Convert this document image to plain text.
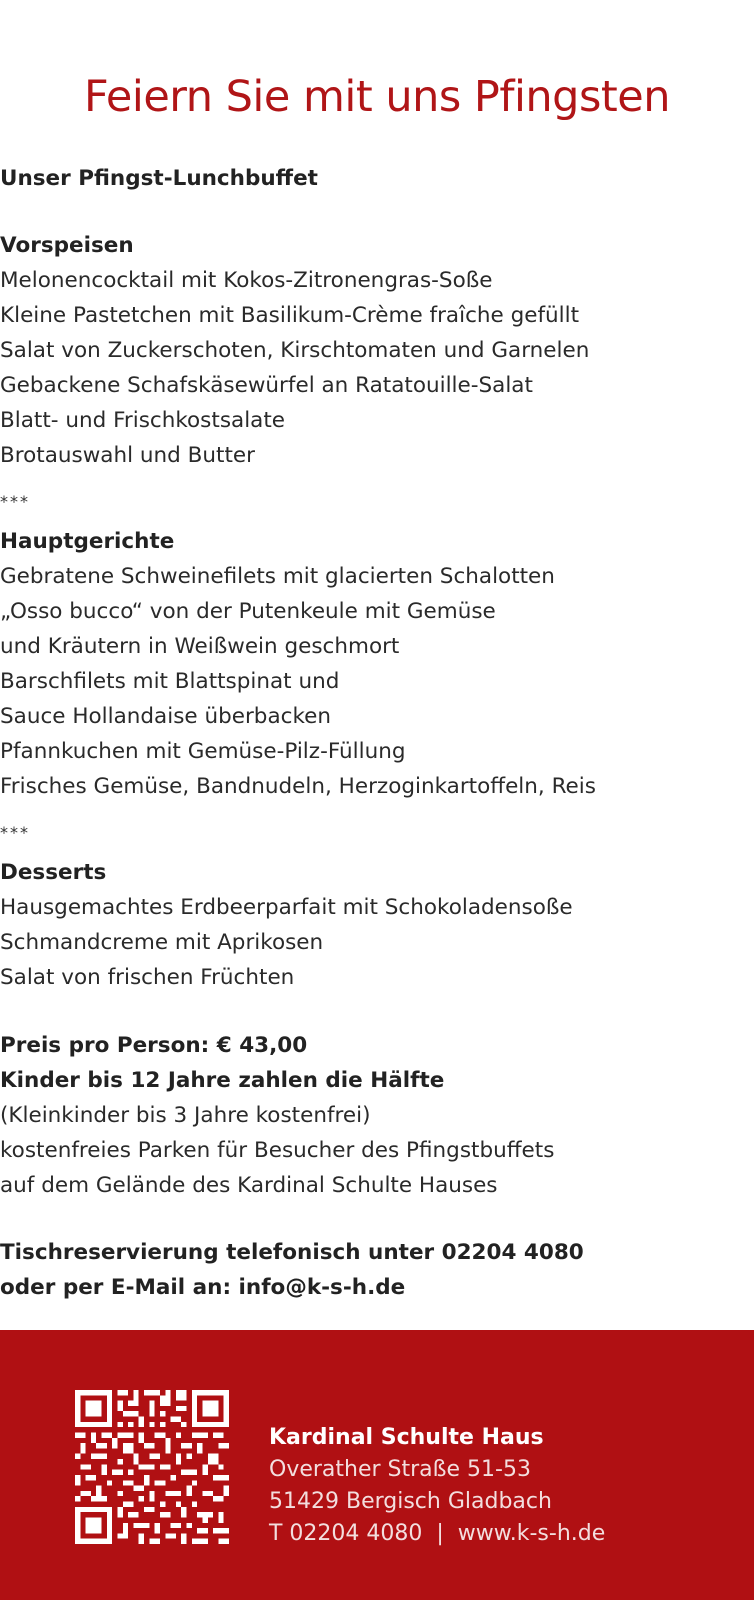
Feiern Sie mit uns Pfingsten
Unser Pfingst-Lunchbuffet
Vorspeisen
Melonencocktail mit Kokos-Zitronengras-Soße
Kleine Pastetchen mit Basilikum-Crème fraîche gefüllt
Salat von Zuckerschoten, Kirschtomaten und Garnelen
Gebackene Schafskäsewürfel an Ratatouille-Salat
Blatt- und Frischkostsalate
Brotauswahl und Butter
***
Hauptgerichte
Gebratene Schweinefilets mit glacierten Schalotten
„Osso bucco“ von der Putenkeule mit Gemüse
und Kräutern in Weißwein geschmort
Barschfilets mit Blattspinat und
Sauce Hollandaise überbacken
Pfannkuchen mit Gemüse-Pilz-Füllung
Frisches Gemüse, Bandnudeln, Herzoginkartoffeln, Reis
***
Desserts
Hausgemachtes Erdbeerparfait mit Schokoladensoße
Schmandcreme mit Aprikosen
Salat von frischen Früchten
Preis pro Person: € 43,00
Kinder bis 12 Jahre zahlen die Hälfte
(Kleinkinder bis 3 Jahre kostenfrei)
kostenfreies Parken für Besucher des Pfingstbuffets
auf dem Gelände des Kardinal Schulte Hauses
Tischreservierung telefonisch unter 02204 4080
oder per E-Mail an: info@k-s-h.de
Kardinal Schulte Haus
Overather Straße 51-53
51429 Bergisch Gladbach
T 02204 4080  |  www.k-s-h.de
